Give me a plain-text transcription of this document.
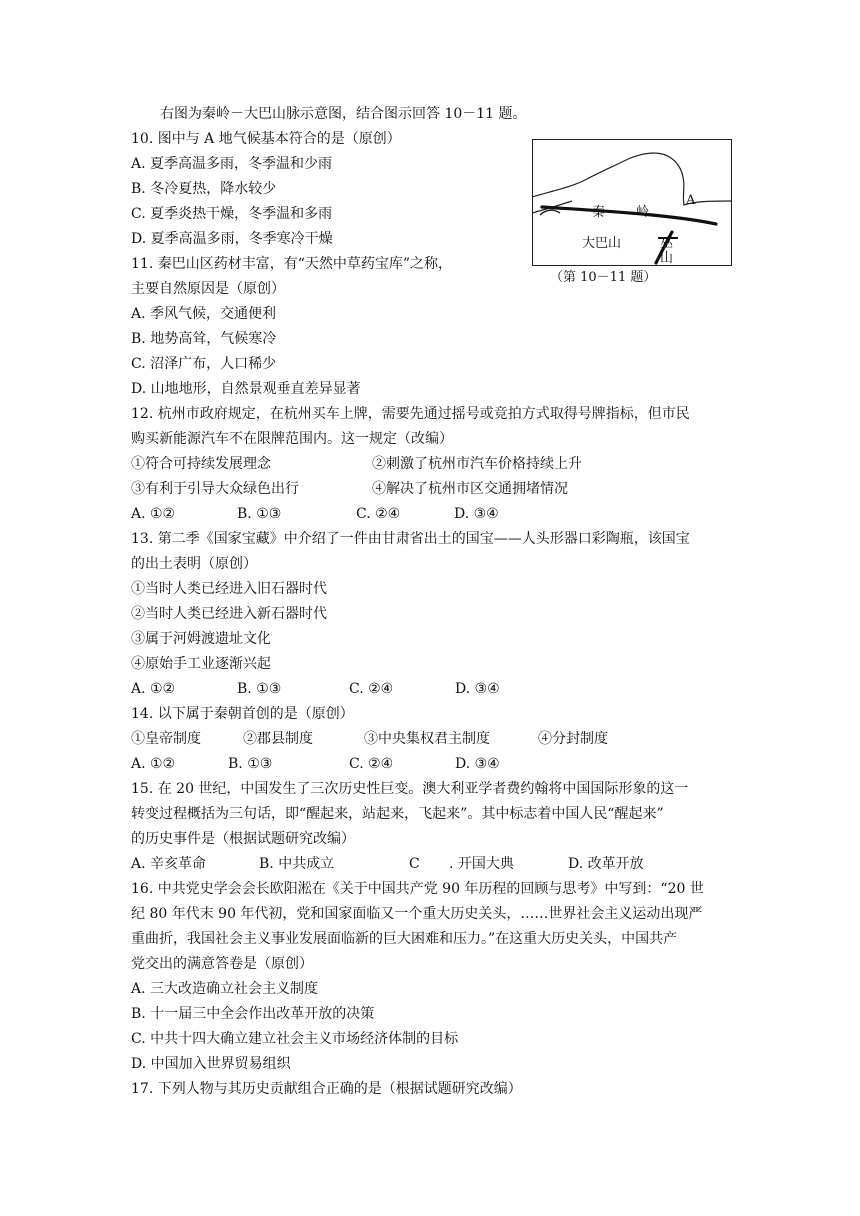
右图为秦岭－大巴山脉示意图，结合图示回答 10－11 题。
10. 图中与 A 地气候基本符合的是（原创）
A. 夏季高温多雨，冬季温和少雨
B. 冬冷夏热，降水较少
C. 夏季炎热干燥，冬季温和多雨
D. 夏季高温多雨，冬季寒冷干燥
11. 秦巴山区药材丰富，有“天然中草药宝库”之称，
主要自然原因是（原创）
A. 季风气候，交通便利
B. 地势高耸，气候寒冷
C. 沼泽广布，人口稀少
D. 山地地形，自然景观垂直差异显著
A
秦 岭
大巴山	巫
山
（第 10－11 题）
12. 杭州市政府规定，在杭州买车上牌，需要先通过摇号或竞拍方式取得号牌指标，但市民
购买新能源汽车不在限牌范围内。这一规定（改编）
①符合可持续发展理念	②刺激了杭州市汽车价格持续上升
③有利于引导大众绿色出行	④解决了杭州市区交通拥堵情况
A. ①②	B. ①③	C. ②④	D. ③④
13. 第二季《国家宝藏》中介绍了一件由甘肃省出土的国宝——人头形器口彩陶瓶，该国宝
的出土表明（原创）
①当时人类已经进入旧石器时代
②当时人类已经进入新石器时代
③属于河姆渡遗址文化
④原始手工业逐渐兴起
A. ①②	B. ①③	C. ②④	D. ③④
14. 以下属于秦朝首创的是（原创）
①皇帝制度	②郡县制度	③中央集权君主制度	④分封制度
A. ①②	B. ①③	C. ②④	D. ③④
15. 在 20 世纪，中国发生了三次历史性巨变。澳大利亚学者费约翰将中国国际形象的这一
转变过程概括为三句话，即“醒起来，站起来，飞起来”。其中标志着中国人民“醒起来”
的历史事件是（根据试题研究改编）
A. 辛亥革命	B. 中共成立	C . 开国大典	D. 改革开放
16. 中共党史学会会长欧阳淞在《关于中国共产党 90 年历程的回顾与思考》中写到：“20 世
纪 80 年代末 90 年代初，党和国家面临又一个重大历史关头，……世界社会主义运动出现严
重曲折，我国社会主义事业发展面临新的巨大困难和压力。”在这重大历史关头，中国共产
党交出的满意答卷是（原创）
A. 三大改造确立社会主义制度
B. 十一届三中全会作出改革开放的决策
C. 中共十四大确立建立社会主义市场经济体制的目标
D. 中国加入世界贸易组织
17. 下列人物与其历史贡献组合正确的是（根据试题研究改编）
